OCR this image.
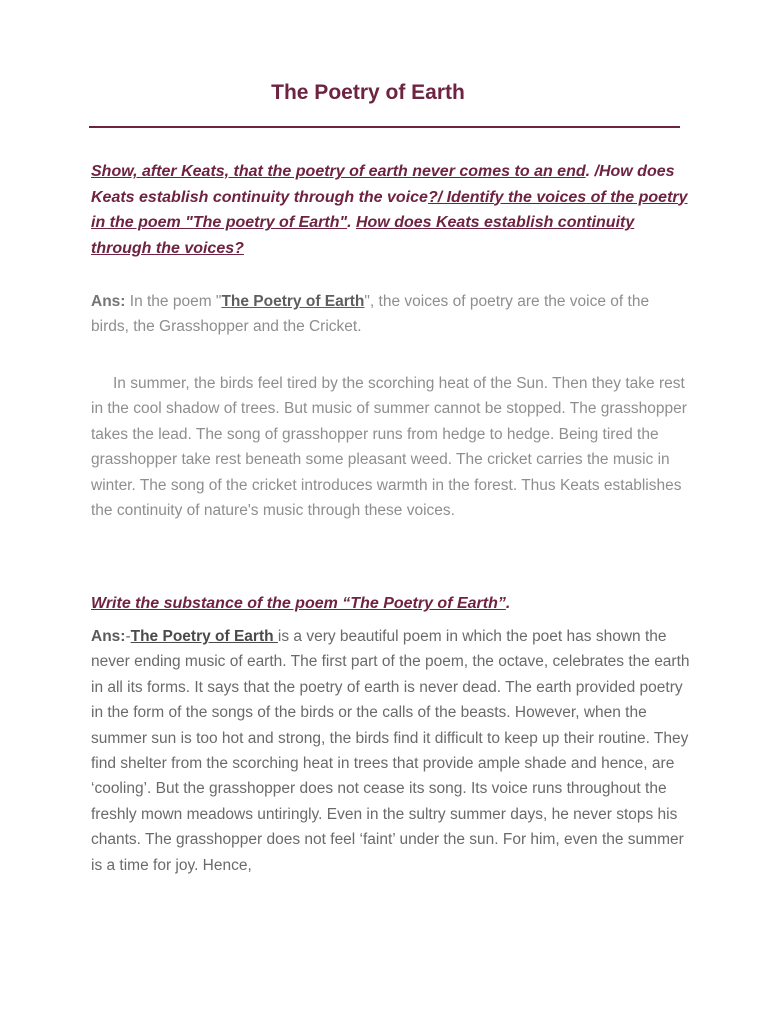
The Poetry of Earth

Show, after Keats, that the poetry of earth never comes to an end. /How does Keats establish continuity through the voice?/ Identify the voices of the poetry in the poem "The poetry of Earth". How does Keats establish continuity through the voices?

Ans: In the poem "The Poetry of Earth", the voices of poetry are the voice of the birds, the Grasshopper and the Cricket.

In summer, the birds feel tired by the scorching heat of the Sun. Then they take rest in the cool shadow of trees. But music of summer cannot be stopped. The grasshopper takes the lead. The song of grasshopper runs from hedge to hedge. Being tired the grasshopper take rest beneath some pleasant weed. The cricket carries the music in winter. The song of the cricket introduces warmth in the forest. Thus Keats establishes the continuity of nature's music through these voices.

Write the substance of the poem “The Poetry of Earth”.

Ans:-The Poetry of Earth is a very beautiful poem in which the poet has shown the never ending music of earth. The first part of the poem, the octave, celebrates the earth in all its forms. It says that the poetry of earth is never dead. The earth provided poetry in the form of the songs of the birds or the calls of the beasts. However, when the summer sun is too hot and strong, the birds find it difficult to keep up their routine. They find shelter from the scorching heat in trees that provide ample shade and hence, are ‘cooling’. But the grasshopper does not cease its song. Its voice runs throughout the freshly mown meadows untiringly. Even in the sultry summer days, he never stops his chants. The grasshopper does not feel ‘faint’ under the sun. For him, even the summer is a time for joy. Hence,
